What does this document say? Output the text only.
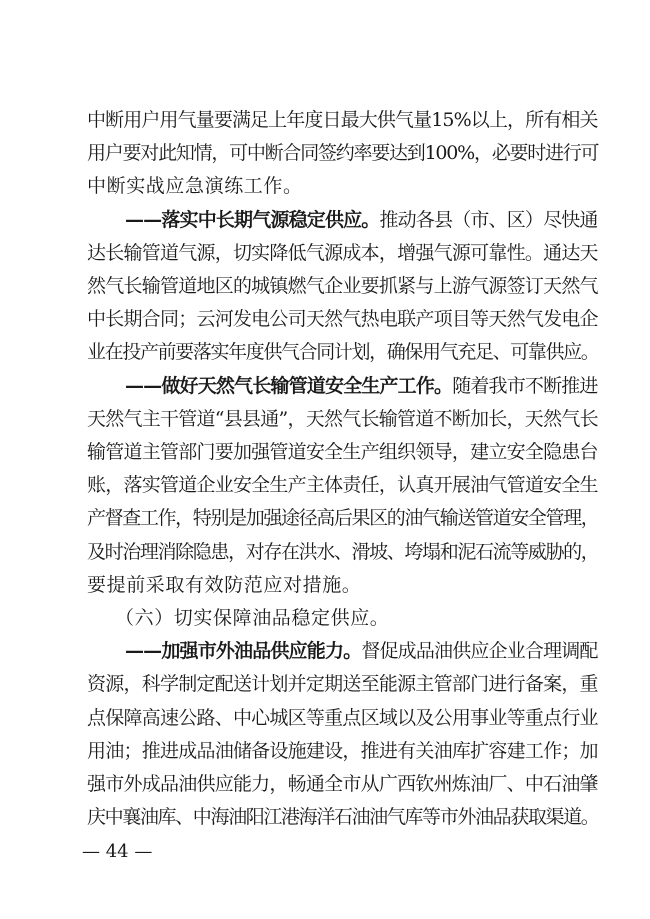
中断用户用气量要满足上年度日最大供气量15%以上，所有相关
用户要对此知情，可中断合同签约率要达到100%，必要时进行可
中断实战应急演练工作。
——落实中长期气源稳定供应。推动各县（市、区）尽快通
达长输管道气源，切实降低气源成本，增强气源可靠性。通达天
然气长输管道地区的城镇燃气企业要抓紧与上游气源签订天然气
中长期合同；云河发电公司天然气热电联产项目等天然气发电企
业在投产前要落实年度供气合同计划，确保用气充足、可靠供应。
——做好天然气长输管道安全生产工作。随着我市不断推进
天然气主干管道“县县通”，天然气长输管道不断加长，天然气长
输管道主管部门要加强管道安全生产组织领导，建立安全隐患台
账，落实管道企业安全生产主体责任，认真开展油气管道安全生
产督查工作，特别是加强途径高后果区的油气输送管道安全管理，
及时治理消除隐患，对存在洪水、滑坡、垮塌和泥石流等威胁的，
要提前采取有效防范应对措施。
（六）切实保障油品稳定供应。
——加强市外油品供应能力。督促成品油供应企业合理调配
资源，科学制定配送计划并定期送至能源主管部门进行备案，重
点保障高速公路、中心城区等重点区域以及公用事业等重点行业
用油；推进成品油储备设施建设，推进有关油库扩容建工作；加
强市外成品油供应能力，畅通全市从广西钦州炼油厂、中石油肇
庆中襄油库、中海油阳江港海洋石油油气库等市外油品获取渠道。
— 44 —
